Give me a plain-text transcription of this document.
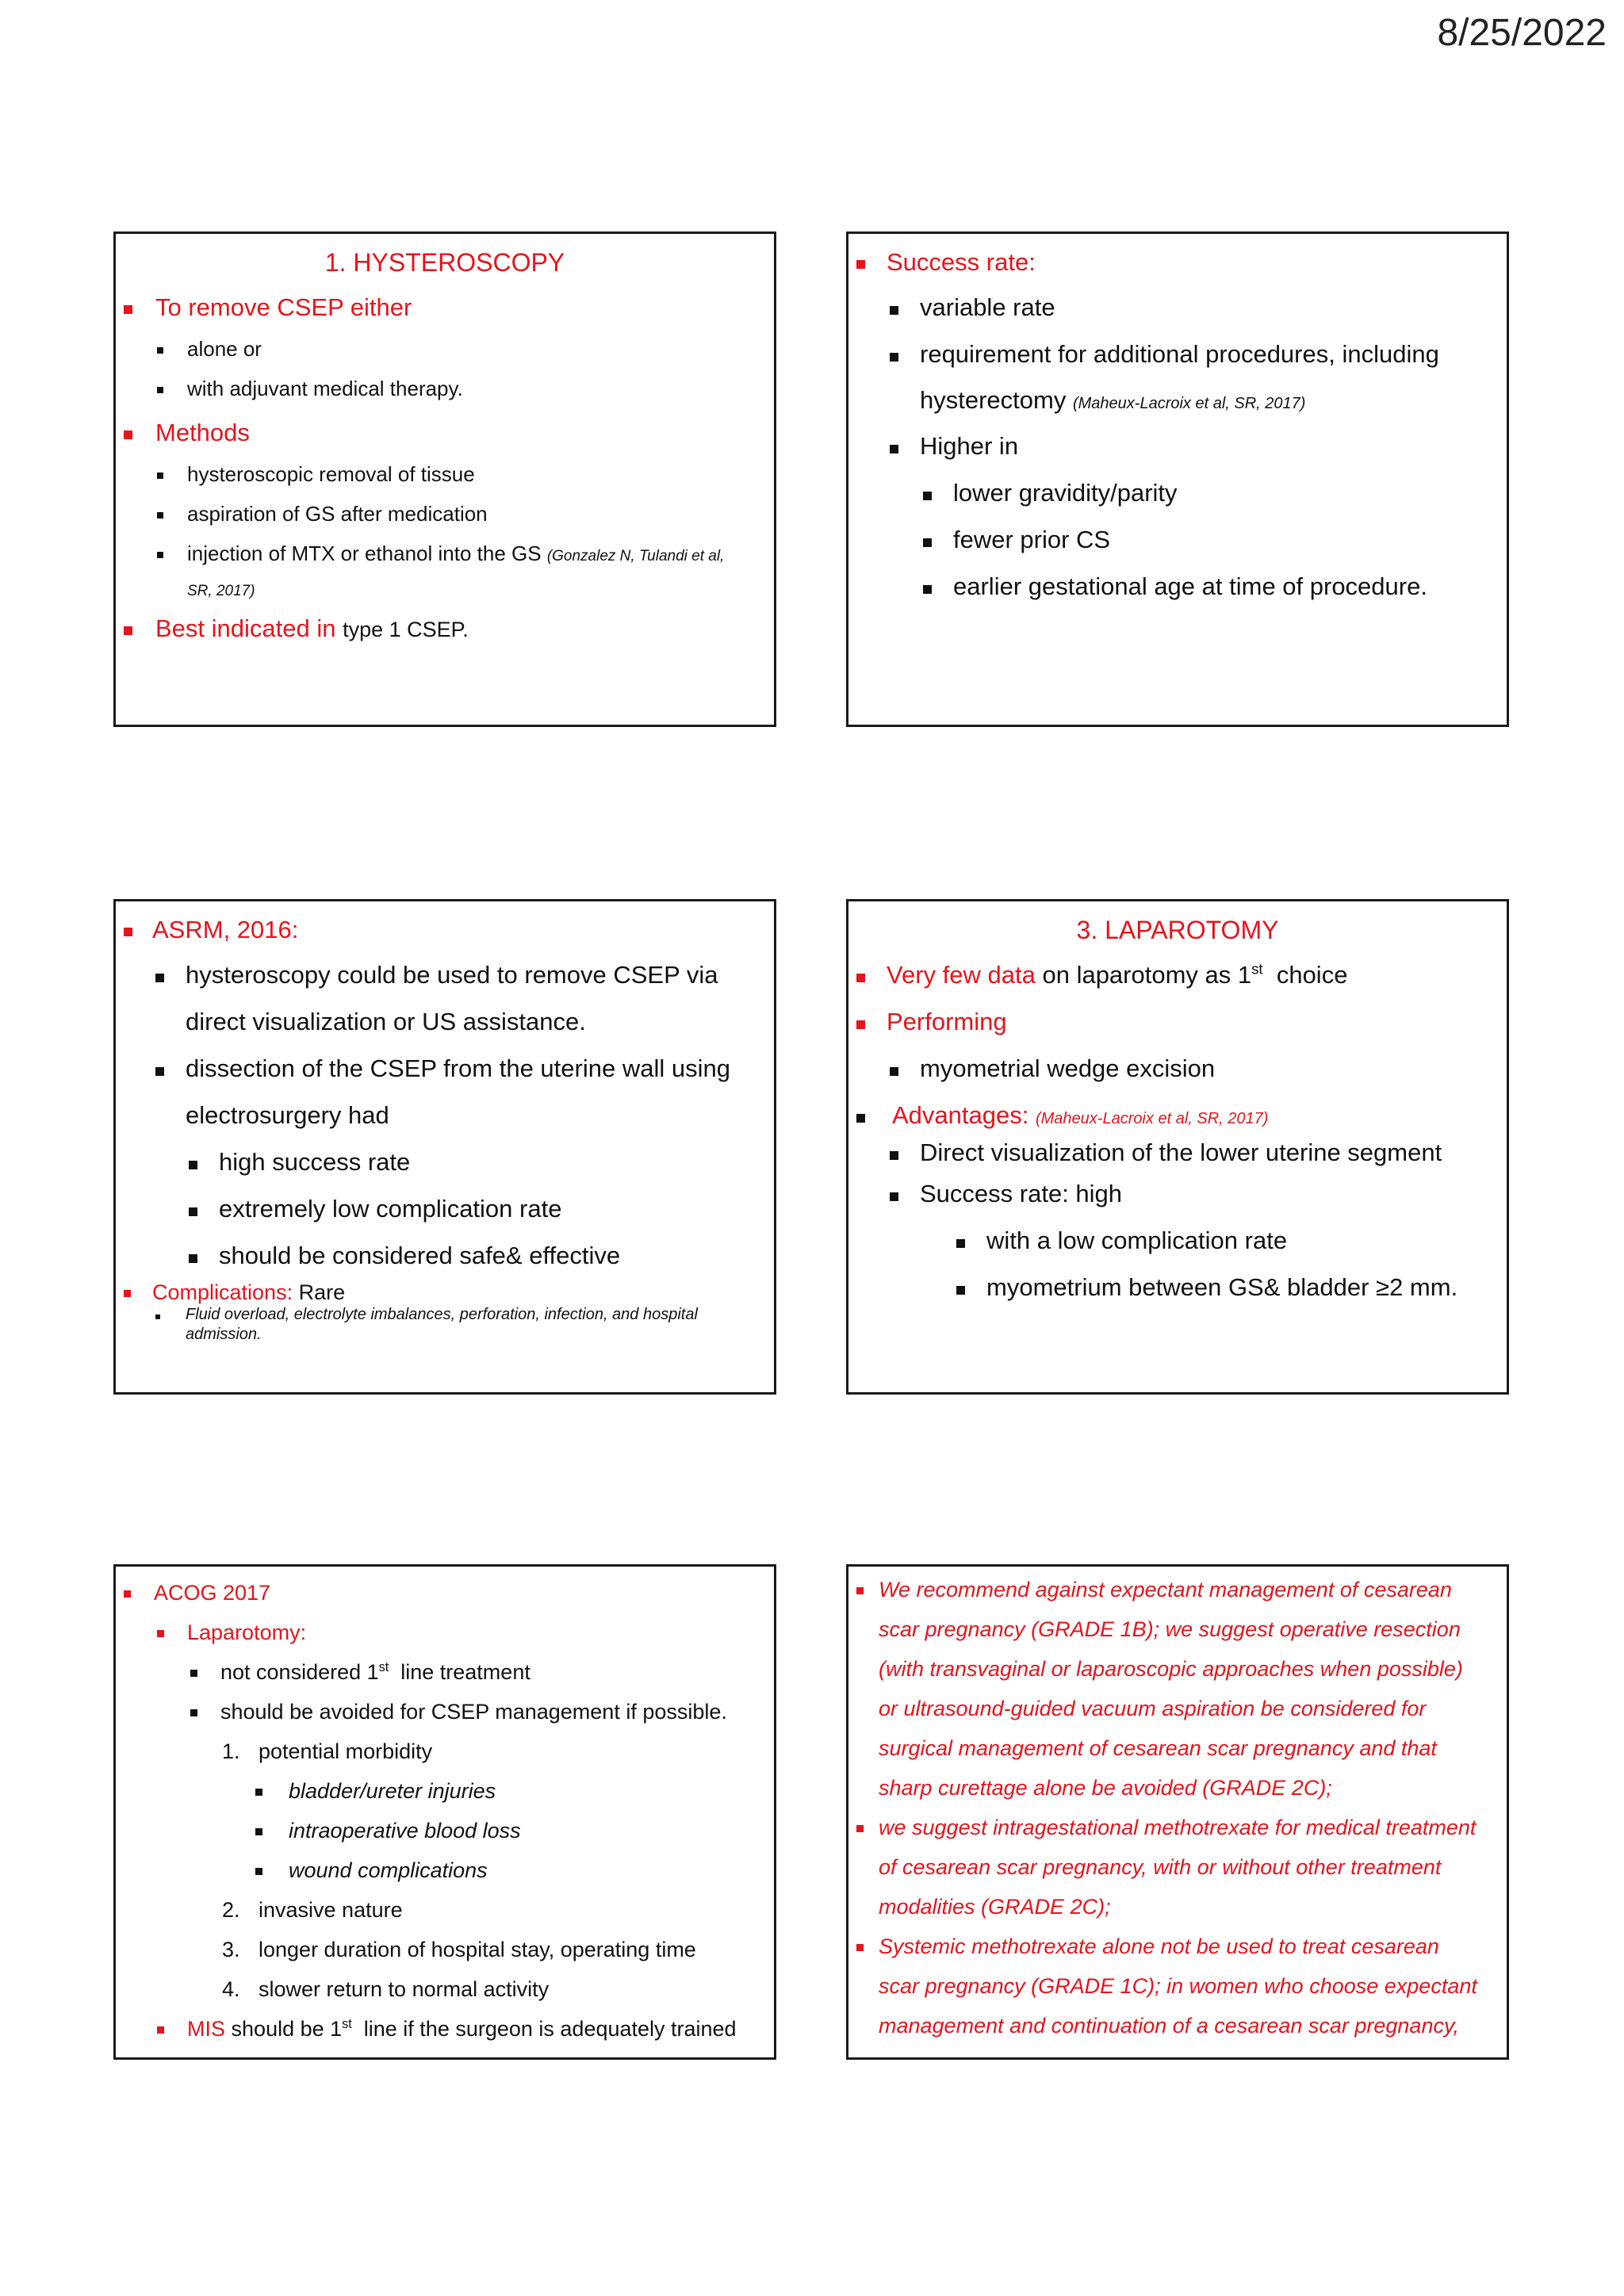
8/25/2022
1. HYSTEROSCOPY
To remove CSEP either
alone or
with adjuvant medical therapy.
Methods
hysteroscopic removal of tissue
aspiration of GS after medication
injection of MTX or ethanol into the GS (Gonzalez N, Tulandi et al,
SR, 2017)
Best indicated in type 1 CSEP.
Success rate:
variable rate
requirement for additional procedures, including
hysterectomy (Maheux-Lacroix et al, SR, 2017)
Higher in
lower gravidity/parity
fewer prior CS
earlier gestational age at time of procedure.
ASRM, 2016:
hysteroscopy could be used to remove CSEP via
direct visualization or US assistance.
dissection of the CSEP from the uterine wall using
electrosurgery had
high success rate
extremely low complication rate
should be considered safe& effective
Complications: Rare
Fluid overload, electrolyte imbalances, perforation, infection, and hospital
admission.
3. LAPAROTOMY
Very few data on laparotomy as 1st choice
Performing
myometrial wedge excision
Advantages: (Maheux-Lacroix et al, SR, 2017)
Direct visualization of the lower uterine segment
Success rate: high
with a low complication rate
myometrium between GS& bladder ≥2 mm.
ACOG 2017
Laparotomy:
not considered 1st line treatment
should be avoided for CSEP management if possible.
1. potential morbidity
bladder/ureter injuries
intraoperative blood loss
wound complications
2. invasive nature
3. longer duration of hospital stay, operating time
4. slower return to normal activity
MIS should be 1st line if the surgeon is adequately trained
We recommend against expectant management of cesarean
scar pregnancy (GRADE 1B); we suggest operative resection
(with transvaginal or laparoscopic approaches when possible)
or ultrasound-guided vacuum aspiration be considered for
surgical management of cesarean scar pregnancy and that
sharp curettage alone be avoided (GRADE 2C);
we suggest intragestational methotrexate for medical treatment
of cesarean scar pregnancy, with or without other treatment
modalities (GRADE 2C);
Systemic methotrexate alone not be used to treat cesarean
scar pregnancy (GRADE 1C); in women who choose expectant
management and continuation of a cesarean scar pregnancy,
